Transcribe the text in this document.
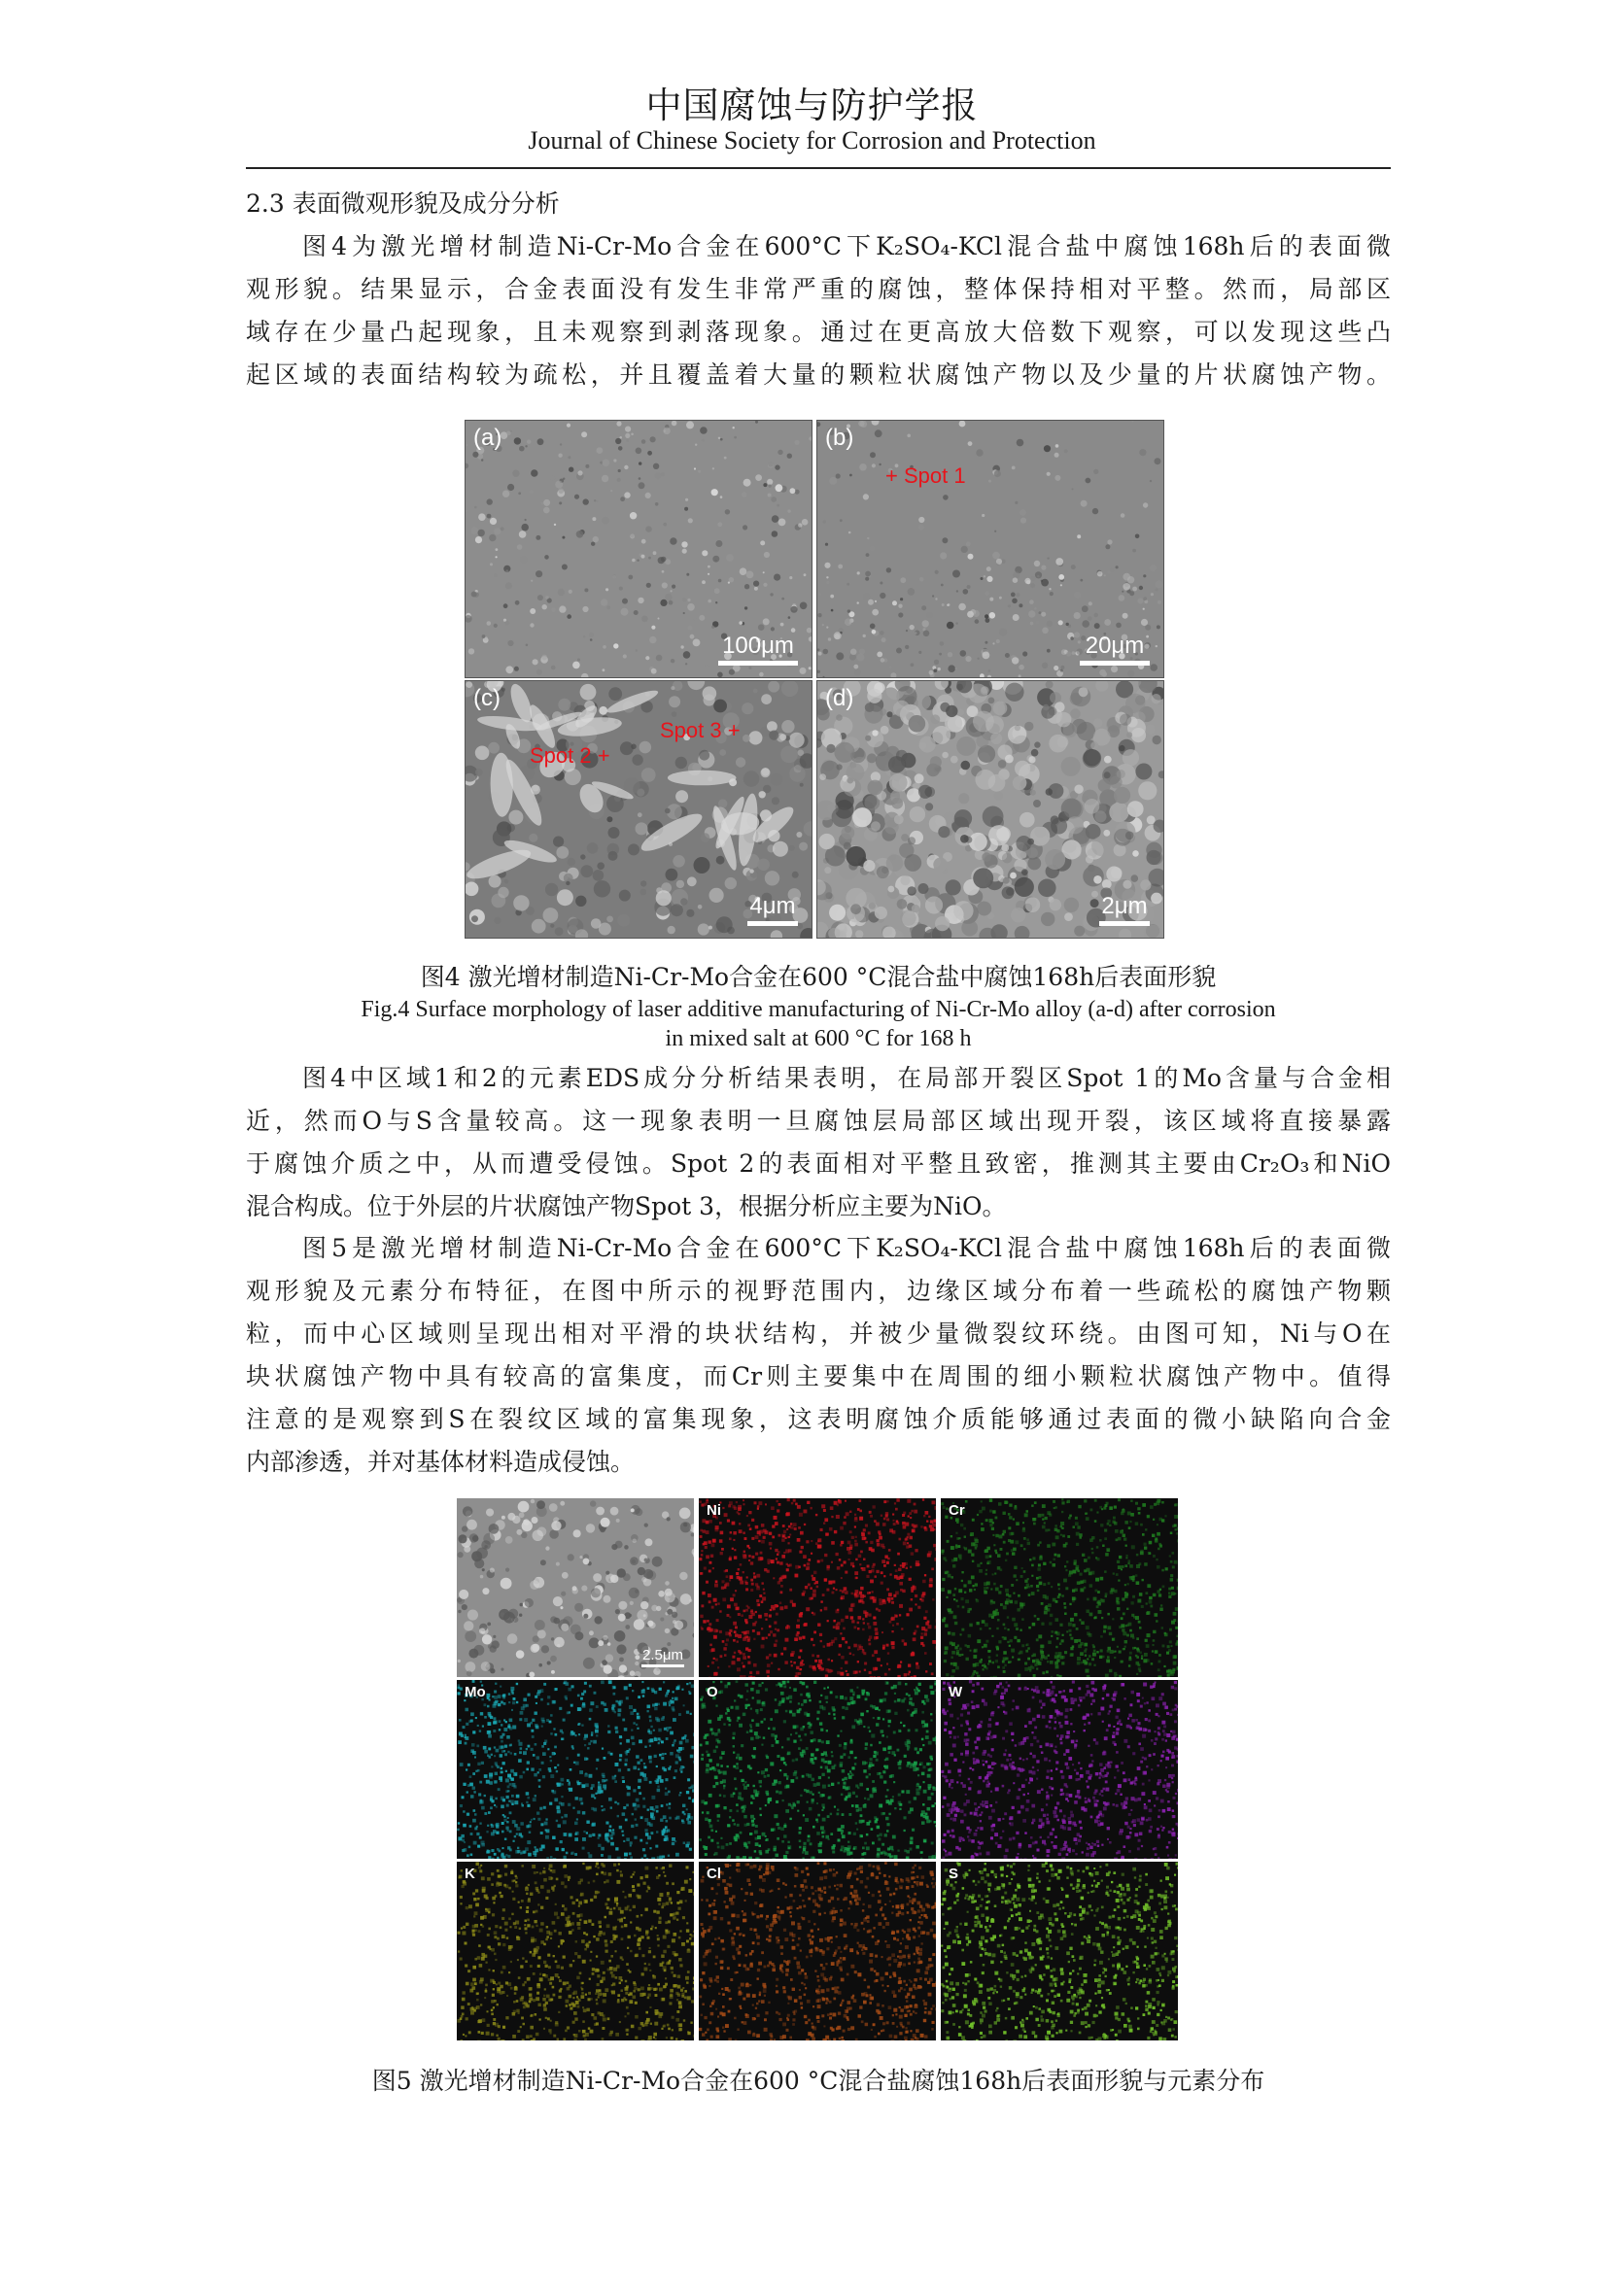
中国腐蚀与防护学报
Journal of Chinese Society for Corrosion and Protection
2.3 表面微观形貌及成分分析

图4为激光增材制造Ni-Cr-Mo合金在600°C下K₂SO₄-KCl混合盐中腐蚀168h后的表面微
观形貌。结果显示，合金表面没有发生非常严重的腐蚀，整体保持相对平整。然而，局部区
域存在少量凸起现象，且未观察到剥落现象。通过在更高放大倍数下观察，可以发现这些凸
起区域的表面结构较为疏松，并且覆盖着大量的颗粒状腐蚀产物以及少量的片状腐蚀产物。

(a)
100μm
(b)
+ Spot 1
20μm
(c)
Spot 2 +
Spot 3 +
4μm
(d)
2μm

图4 激光增材制造Ni-Cr-Mo合金在600 °C混合盐中腐蚀168h后表面形貌

Fig.4 Surface morphology of laser additive manufacturing of Ni-Cr-Mo alloy (a-d) after corrosion

in mixed salt at 600 °C for 168 h

图4中区域1和2的元素EDS成分分析结果表明，在局部开裂区Spot 1的Mo含量与合金相
近，然而O与S含量较高。这一现象表明一旦腐蚀层局部区域出现开裂，该区域将直接暴露
于腐蚀介质之中，从而遭受侵蚀。Spot 2的表面相对平整且致密，推测其主要由Cr₂O₃和NiO
混合构成。位于外层的片状腐蚀产物Spot 3，根据分析应主要为NiO。

图5是激光增材制造Ni-Cr-Mo合金在600°C下K₂SO₄-KCl混合盐中腐蚀168h后的表面微
观形貌及元素分布特征，在图中所示的视野范围内，边缘区域分布着一些疏松的腐蚀产物颗
粒，而中心区域则呈现出相对平滑的块状结构，并被少量微裂纹环绕。由图可知，Ni与O在
块状腐蚀产物中具有较高的富集度，而Cr则主要集中在周围的细小颗粒状腐蚀产物中。值得
注意的是观察到S在裂纹区域的富集现象，这表明腐蚀介质能够通过表面的微小缺陷向合金
内部渗透，并对基体材料造成侵蚀。

2.5μm
Ni	Cr
Mo	O	W
K	Cl	S

图5 激光增材制造Ni-Cr-Mo合金在600 °C混合盐腐蚀168h后表面形貌与元素分布
